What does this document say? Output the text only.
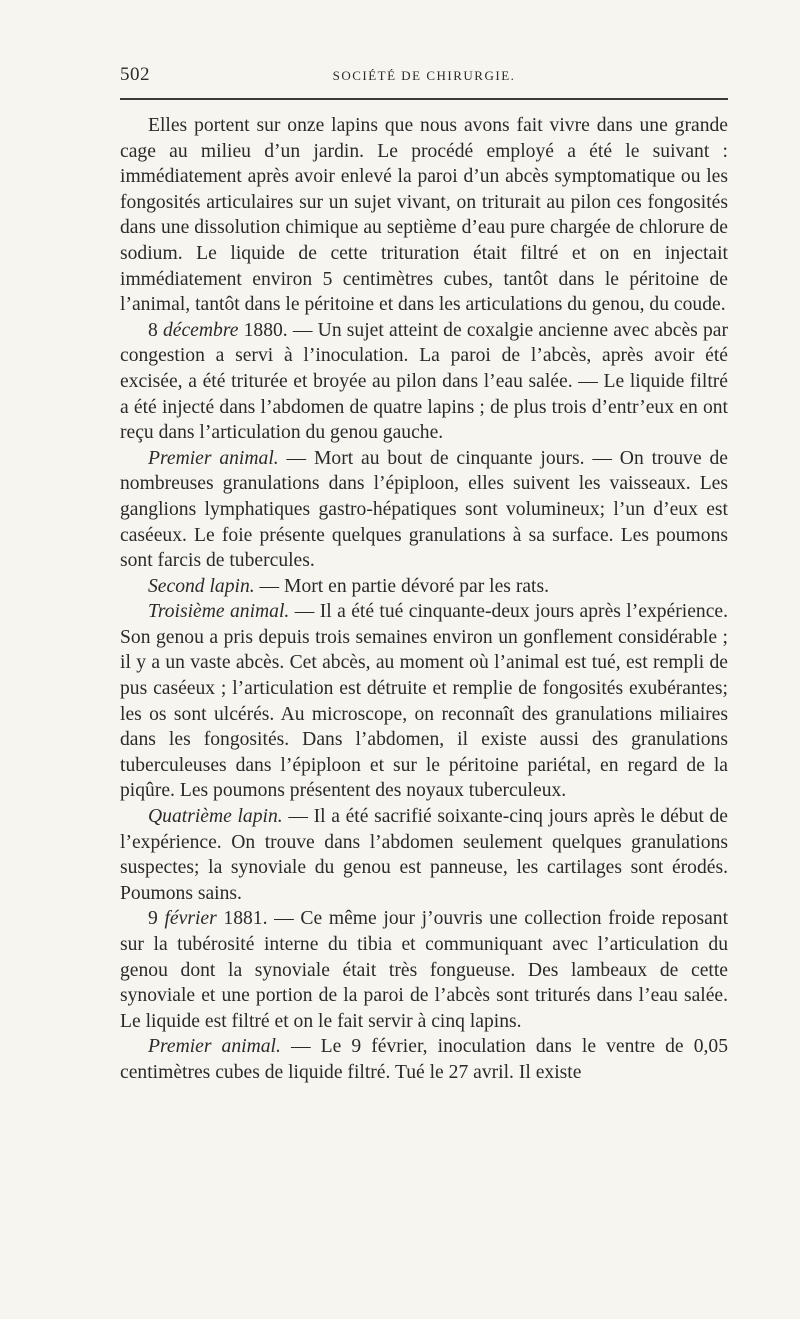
502	SOCIÉTÉ DE CHIRURGIE.

Elles portent sur onze lapins que nous avons fait vivre dans une grande cage au milieu d’un jardin. Le procédé employé a été le suivant : immédiatement après avoir enlevé la paroi d’un abcès symptomatique ou les fongosités articulaires sur un sujet vivant, on triturait au pilon ces fongosités dans une dissolution chimique au septième d’eau pure chargée de chlorure de sodium. Le liquide de cette trituration était filtré et on en injectait immédiatement environ 5 centimètres cubes, tantôt dans le péritoine de l’animal, tantôt dans le péritoine et dans les articulations du genou, du coude.

8 décembre 1880. — Un sujet atteint de coxalgie ancienne avec abcès par congestion a servi à l’inoculation. La paroi de l’abcès, après avoir été excisée, a été triturée et broyée au pilon dans l’eau salée. — Le liquide filtré a été injecté dans l’abdomen de quatre lapins ; de plus trois d’entr’eux en ont reçu dans l’articulation du genou gauche.

Premier animal. — Mort au bout de cinquante jours. — On trouve de nombreuses granulations dans l’épiploon, elles suivent les vaisseaux. Les ganglions lymphatiques gastro-hépatiques sont volumineux; l’un d’eux est caséeux. Le foie présente quelques granulations à sa surface. Les poumons sont farcis de tubercules.

Second lapin. — Mort en partie dévoré par les rats.

Troisième animal. — Il a été tué cinquante-deux jours après l’expérience. Son genou a pris depuis trois semaines environ un gonflement considérable ; il y a un vaste abcès. Cet abcès, au moment où l’animal est tué, est rempli de pus caséeux ; l’articulation est détruite et remplie de fongosités exubérantes; les os sont ulcérés. Au microscope, on reconnaît des granulations miliaires dans les fongosités. Dans l’abdomen, il existe aussi des granulations tuberculeuses dans l’épiploon et sur le péritoine pariétal, en regard de la piqûre. Les poumons présentent des noyaux tuberculeux.

Quatrième lapin. — Il a été sacrifié soixante-cinq jours après le début de l’expérience. On trouve dans l’abdomen seulement quelques granulations suspectes; la synoviale du genou est panneuse, les cartilages sont érodés. Poumons sains.

9 février 1881. — Ce même jour j’ouvris une collection froide reposant sur la tubérosité interne du tibia et communiquant avec l’articulation du genou dont la synoviale était très fongueuse. Des lambeaux de cette synoviale et une portion de la paroi de l’abcès sont triturés dans l’eau salée. Le liquide est filtré et on le fait servir à cinq lapins.

Premier animal. — Le 9 février, inoculation dans le ventre de 0,05 centimètres cubes de liquide filtré. Tué le 27 avril. Il existe
